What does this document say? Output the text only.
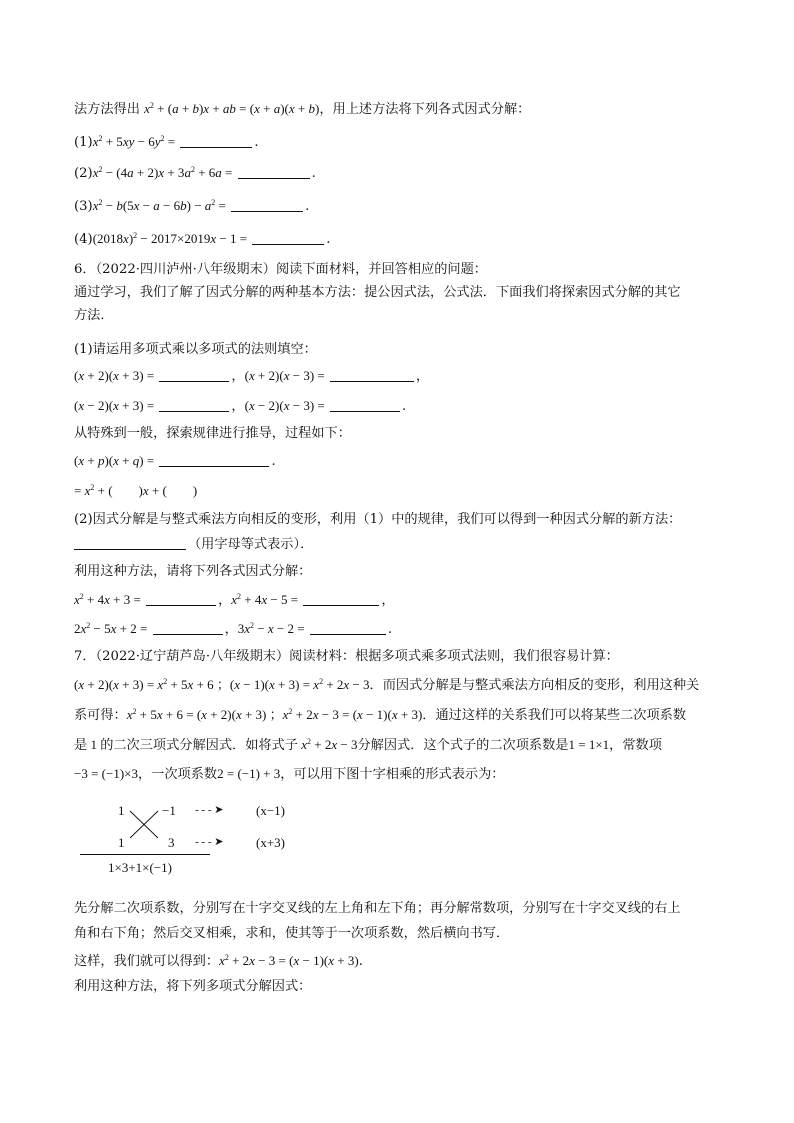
法方法得出 $x^2 + (a + b)x$ + ab = (x + a)(x + b)，用上述方法将下列各式因式分解：
$(1)x^2 + 5xy - 6y^2$ =	.
$(2)x^2 - (4a + 2)x + 3a^2 + 6a$ =	.
$(3)x^2 - b(5x - a - 6b) - a^2$ =	.
$(4)(2018x)^2 - 2017\times 2019x - 1$ =	.
6．（2022·四川泸州·八年级期末）阅读下面材料，并回答相应的问题：
通过学习，我们了解了因式分解的两种基本方法：提公因式法，公式法．下面我们将探索因式分解的其它
方法．
(1)请运用多项式乘以多项式的法则填空：
(x + 2)(x + 3) =	，(x + 2)(x − 3) =	，
(x − 2)(x + 3) =	，(x − 2)(x − 3) =	.
从特殊到一般，探索规律进行推导，过程如下：
(x + p)(x + q) =	.
= $x^2$ + (  )x + (  )
(2)因式分解是与整式乘法方向相反的变形，利用（1）中的规律，我们可以得到一种因式分解的新方法：
（用字母等式表示）．
利用这种方法，请将下列各式因式分解：
$x^2 + 4x + 3$ =	，$x^2 + 4x - 5$ =	，
$2x^2 - 5x + 2$ =	，$3x^2 - x - 2$ =	.
7．（2022·辽宁葫芦岛·八年级期末）阅读材料：根据多项式乘多项式法则，我们很容易计算：
$(x + 2)(x + 3) = x^2 + 5x + 6$ ；$(x - 1)(x + 3) = x^2 + 2x - 3$．而因式分解是与整式乘法方向相反的变形，利用这种关
系可得：$x^2 + 5x + 6 = (x + 2)(x + 3)$ ；$x^2 + 2x - 3 = (x - 1)(x + 3)$．通过这样的关系我们可以将某些二次项系数
是 1 的二次三项式分解因式．如将式子 $x^2 + 2x - 3$分解因式．这个式子的二次项系数是1 = 1×1，常数项
−3 = (−1)×3，一次项系数2 = (−1) + 3，可以用下图十字相乘的形式表示为：
1	−1
1	3
- - - ➤
- - - ➤
(x−1)
(x+3)
1×3+1×(−1)
先分解二次项系数，分别写在十字交叉线的左上角和左下角；再分解常数项，分别写在十字交叉线的右上
角和右下角；然后交叉相乘，求和，使其等于一次项系数，然后横向书写．
这样，我们就可以得到：$x^2 + 2x - 3 = (x - 1)(x + 3)$.
利用这种方法，将下列多项式分解因式：
